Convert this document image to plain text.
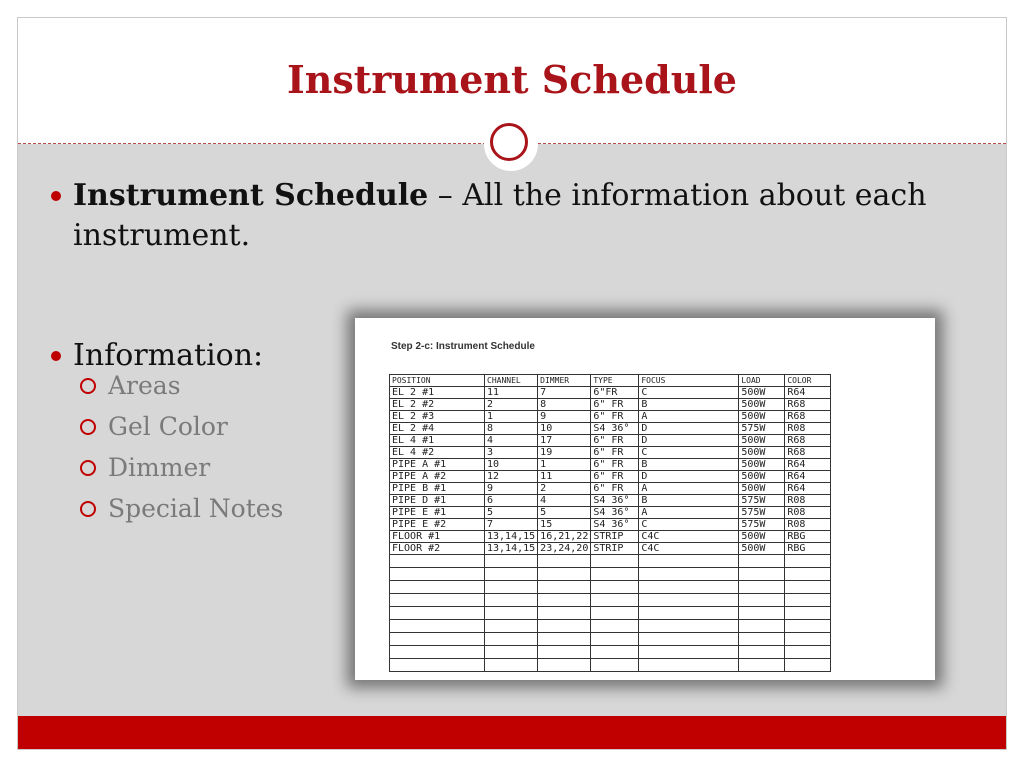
Instrument Schedule
Instrument Schedule – All the information about each instrument.
Information:
Areas
Gel Color
Dimmer
Special Notes
Step 2-c: Instrument Schedule
POSITION	CHANNEL	DIMMER	TYPE	FOCUS	LOAD	COLOR
EL 2 #1	11	7	6"FR	C	500W	R64
EL 2 #2	2	8	6" FR	B	500W	R68
EL 2 #3	1	9	6" FR	A	500W	R68
EL 2 #4	8	10	S4 36°	D	575W	R08
EL 4 #1	4	17	6" FR	D	500W	R68
EL 4 #2	3	19	6" FR	C	500W	R68
PIPE A #1	10	1	6" FR	B	500W	R64
PIPE A #2	12	11	6" FR	D	500W	R64
PIPE B #1	9	2	6" FR	A	500W	R64
PIPE D #1	6	4	S4 36°	B	575W	R08
PIPE E #1	5	5	S4 36°	A	575W	R08
PIPE E #2	7	15	S4 36°	C	575W	R08
FLOOR #1	13,14,15	16,21,22	STRIP	C4C	500W	RBG
FLOOR #2	13,14,15	23,24,20	STRIP	C4C	500W	RBG
